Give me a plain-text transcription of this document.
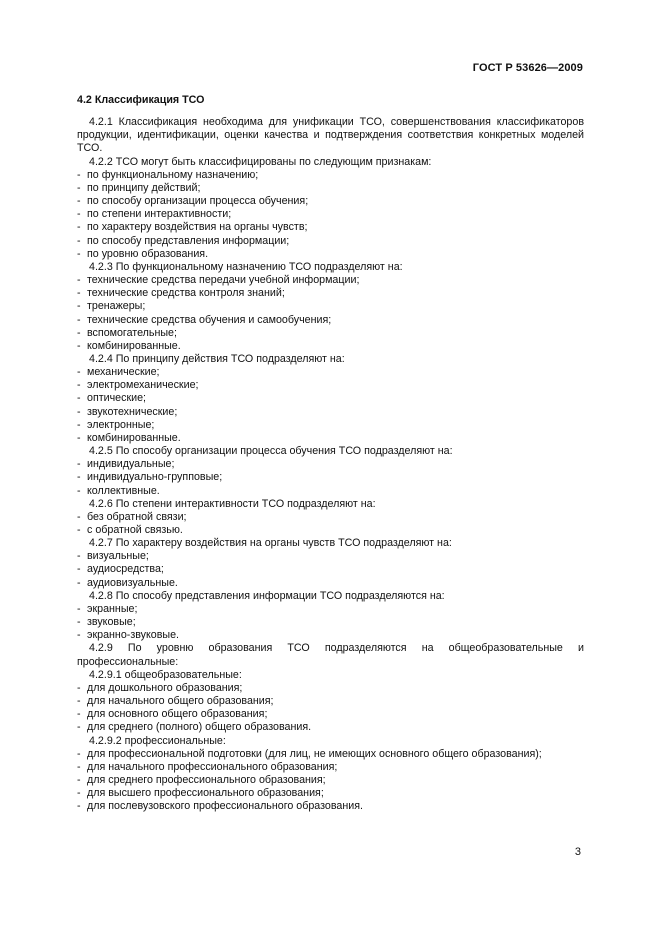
ГОСТ Р 53626—2009
4.2 Классификация ТСО
4.2.1 Классификация необходима для унификации ТСО, совершенствования классификаторов продукции, идентификации, оценки качества и подтверждения соответствия конкретных моделей ТСО.
4.2.2 ТСО могут быть классифицированы по следующим признакам:
- по функциональному назначению;
- по принципу действий;
- по способу организации процесса обучения;
- по степени интерактивности;
- по характеру воздействия на органы чувств;
- по способу представления информации;
- по уровню образования.
4.2.3 По функциональному назначению ТСО подразделяют на:
- технические средства передачи учебной информации;
- технические средства контроля знаний;
- тренажеры;
- технические средства обучения и самообучения;
- вспомогательные;
- комбинированные.
4.2.4 По принципу действия ТСО подразделяют на:
- механические;
- электромеханические;
- оптические;
- звукотехнические;
- электронные;
- комбинированные.
4.2.5 По способу организации процесса обучения ТСО подразделяют на:
- индивидуальные;
- индивидуально-групповые;
- коллективные.
4.2.6 По степени интерактивности ТСО подразделяют на:
- без обратной связи;
- с обратной связью.
4.2.7 По характеру воздействия на органы чувств ТСО подразделяют на:
- визуальные;
- аудиосредства;
- аудиовизуальные.
4.2.8 По способу представления информации ТСО подразделяются на:
- экранные;
- звуковые;
- экранно-звуковые.
4.2.9 По уровню образования ТСО подразделяются на общеобразовательные и профессиональные:
4.2.9.1 общеобразовательные:
- для дошкольного образования;
- для начального общего образования;
- для основного общего образования;
- для среднего (полного) общего образования.
4.2.9.2 профессиональные:
- для профессиональной подготовки (для лиц, не имеющих основного общего образования);
- для начального профессионального образования;
- для среднего профессионального образования;
- для высшего профессионального образования;
- для послевузовского профессионального образования.
3
